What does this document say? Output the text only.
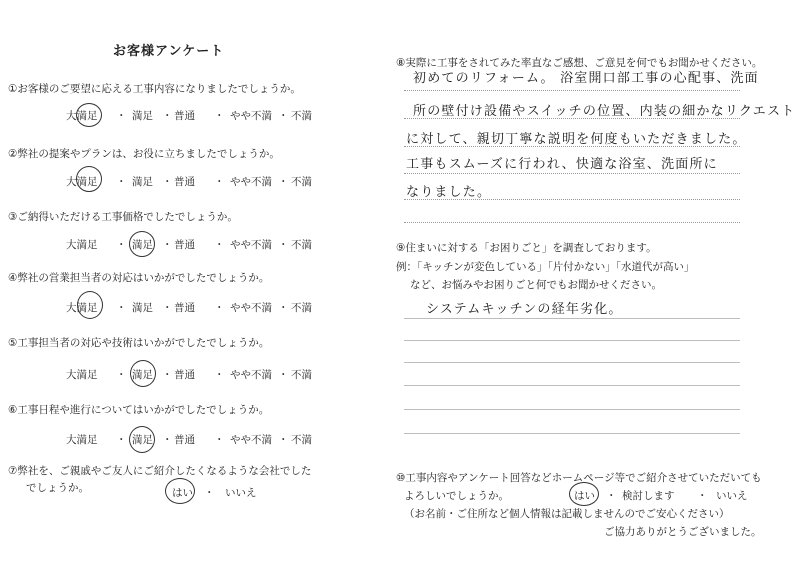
お客様アンケート
①お客様のご要望に応える工事内容になりましたでしょうか。
大満足 ・ 満足 ・ 普通 ・ やや不満 ・ 不満
②弊社の提案やプランは、お役に立ちましたでしょうか。
大満足 ・ 満足 ・ 普通 ・ やや不満 ・ 不満
③ご納得いただける工事価格でしたでしょうか。
大満足 ・ 満足 ・ 普通 ・ やや不満 ・ 不満
④弊社の営業担当者の対応はいかがでしたでしょうか。
大満足 ・ 満足 ・ 普通 ・ やや不満 ・ 不満
⑤工事担当者の対応や技術はいかがでしたでしょうか。
大満足 ・ 満足 ・ 普通 ・ やや不満 ・ 不満
⑥工事日程や進行についてはいかがでしたでしょうか。
大満足 ・ 満足 ・ 普通 ・ やや不満 ・ 不満
⑦弊社を、ご親戚やご友人にご紹介したくなるような会社でした
でしょうか。	はい ・ いいえ
⑧実際に工事をされてみた率直なご感想、ご意見を何でもお聞かせください。
初めてのリフォーム。 浴室開口部工事の心配事、洗面
所の壁付け設備やスイッチの位置、内装の細かなリクエスト
に対して、親切丁寧な説明を何度もいただきました。
工事もスムーズに行われ、快適な浴室、洗面所に
なりました。
⑨住まいに対する「お困りごと」を調査しております。
例：「キッチンが変色している」「片付かない」「水道代が高い」
など、お悩みやお困りごと何でもお聞かせください。
システムキッチンの経年劣化。
⑩工事内容やアンケート回答などホームページ等でご紹介させていただいても
よろしいでしょうか。	はい ・ 検討します ・ いいえ
（お名前・ご住所など個人情報は記載しませんのでご安心ください）
ご協力ありがとうございました。
